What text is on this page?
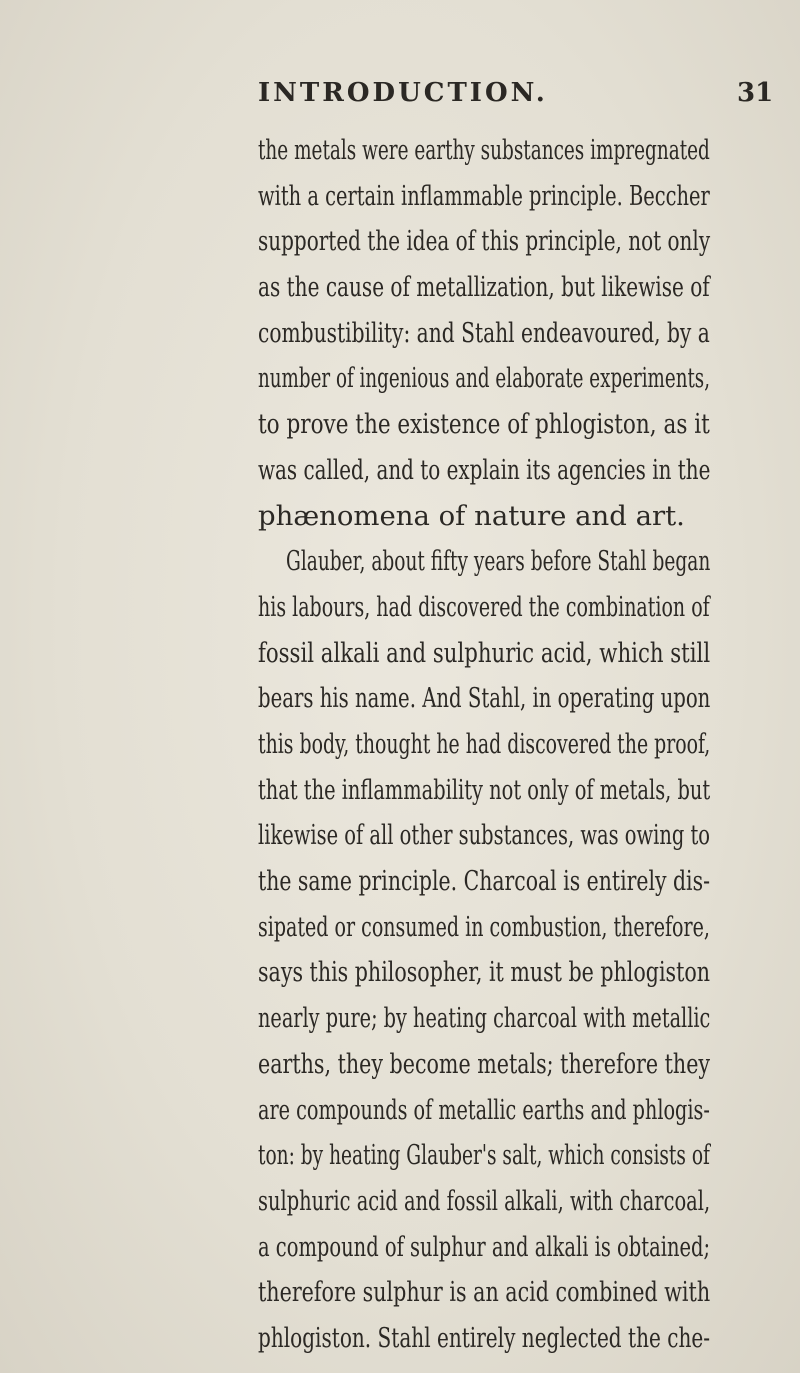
INTRODUCTION.	31
the metals were earthy substances impregnated
with a certain inflammable principle. Beccher
supported the idea of this principle, not only
as the cause of metallization, but likewise of
combustibility: and Stahl endeavoured, by a
number of ingenious and elaborate experiments,
to prove the existence of phlogiston, as it
was called, and to explain its agencies in the
phænomena of nature and art.
Glauber, about fifty years before Stahl began
his labours, had discovered the combination of
fossil alkali and sulphuric acid, which still
bears his name. And Stahl, in operating upon
this body, thought he had discovered the proof,
that the inflammability not only of metals, but
likewise of all other substances, was owing to
the same principle. Charcoal is entirely dis-
sipated or consumed in combustion, therefore,
says this philosopher, it must be phlogiston
nearly pure; by heating charcoal with metallic
earths, they become metals; therefore they
are compounds of metallic earths and phlogis-
ton: by heating Glauber's salt, which consists of
sulphuric acid and fossil alkali, with charcoal,
a compound of sulphur and alkali is obtained;
therefore sulphur is an acid combined with
phlogiston. Stahl entirely neglected the che-
